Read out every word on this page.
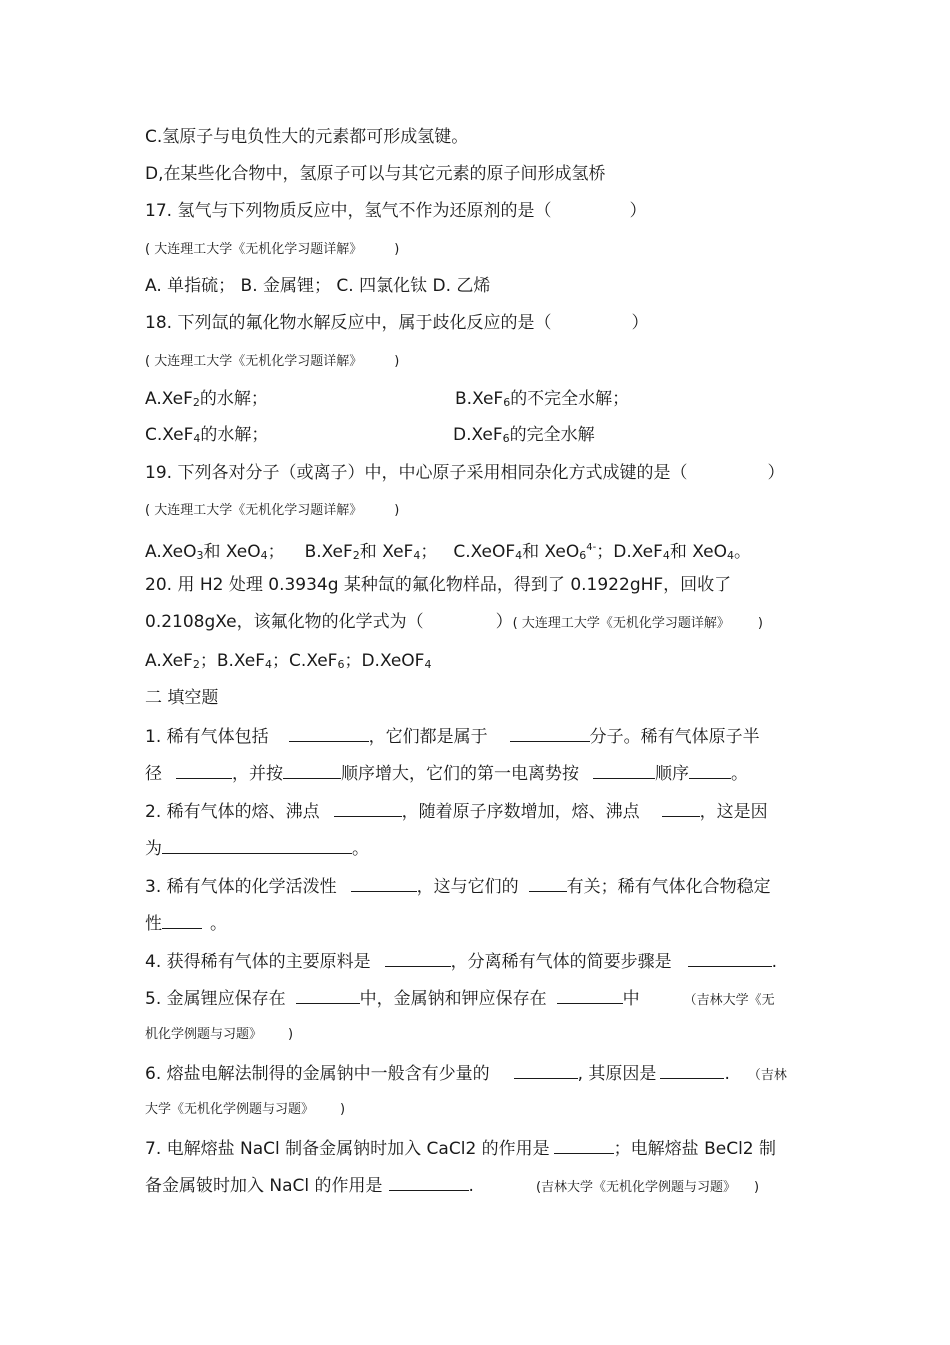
C.氢原子与电负性大的元素都可形成氢键。
D,在某些化合物中，氢原子可以与其它元素的原子间形成氢桥
17. 氢气与下列物质反应中，氢气不作为还原剂的是（	）
( 大连理工大学《无机化学习题详解》 )
A. 单指硫； B. 金属锂； C. 四氯化钛 D. 乙烯
18. 下列氙的氟化物水解反应中，属于歧化反应的是（	）
( 大连理工大学《无机化学习题详解》 )
A.XeF$_2$的水解；	B.XeF$_6$的不完全水解；
C.XeF$_4$的水解；	D.XeF$_6$的完全水解
19. 下列各对分子（或离子）中，中心原子采用相同杂化方式成键的是（	）
( 大连理工大学《无机化学习题详解》 )
A.XeO$_3$和 XeO$_4$； B.XeF$_2$和 XeF$_4$； C.XeOF$_4$和 XeO$_6^{4-}$；D.XeF$_4$和 XeO$_4$。
20. 用 H2 处理 0.3934g 某种氙的氟化物样品，得到了 0.1922gHF，回收了
0.2108gXe，该氟化物的化学式为（	）( 大连理工大学《无机化学习题详解》 )
A.XeF$_2$；B.XeF$_4$；C.XeF$_6$；D.XeOF$_4$
二 填空题
1. 稀有气体包括	，它们都是属于	分子。稀有气体原子半
径	，并按	顺序增大，它们的第一电离势按	顺序 。
2. 稀有气体的熔、沸点	，随着原子序数增加，熔、沸点	，这是因
为	。
3. 稀有气体的化学活泼性	，这与它们的	有关；稀有气体化合物稳定
性	。
4. 获得稀有气体的主要原料是	，分离稀有气体的简要步骤是	.
5. 金属锂应保存在	中，金属钠和钾应保存在	中	（吉林大学《无
机化学例题与习题》 )
6. 熔盐电解法制得的金属钠中一般含有少量的	, 其原因是	. （吉林
大学《无机化学例题与习题》 )
7. 电解熔盐 NaCl 制备金属钠时加入 CaCl2 的作用是	；电解熔盐 BeCl2 制
备金属铍时加入 NaCl 的作用是	.	(吉林大学《无机化学例题与习题》 )
